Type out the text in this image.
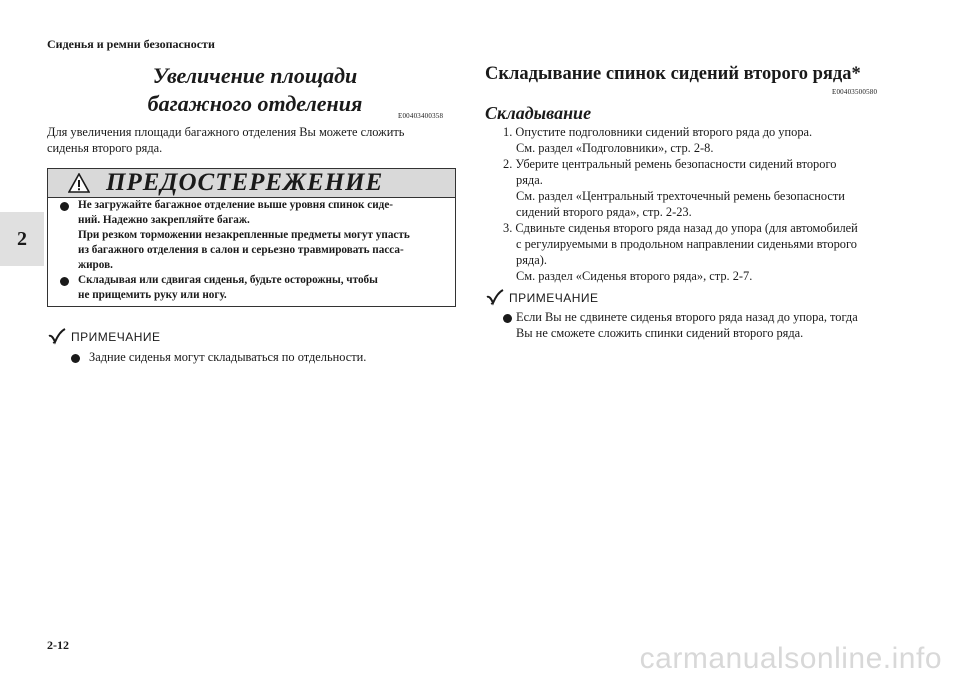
Сиденья и ремни безопасности
2
Увеличение площади
багажного отделения	E00403400358
Для увеличения площади багажного отделения Вы можете сложить
сиденья второго ряда.
ПРЕДОСТЕРЕЖЕНИЕ
Не загружайте багажное отделение выше уровня спинок сиде-
ний. Надежно закрепляйте багаж.
При резком торможении незакрепленные предметы могут упасть
из багажного отделения в салон и серьезно травмировать пасса-
жиров.
Складывая или сдвигая сиденья, будьте осторожны, чтобы
не прищемить руку или ногу.
ПРИМЕЧАНИЕ
Задние сиденья могут складываться по отдельности.
Складывание спинок сидений второго ряда*
E00403500580
Складывание
1. Опустите подголовники сидений второго ряда до упора.
См. раздел «Подголовники», стр. 2-8.
2. Уберите центральный ремень безопасности сидений второго
ряда.
См. раздел «Центральный трехточечный ремень безопасности
сидений второго ряда», стр. 2-23.
3. Сдвиньте сиденья второго ряда назад до упора (для автомобилей
с регулируемыми в продольном направлении сиденьями второго
ряда).
См. раздел «Сиденья второго ряда», стр. 2-7.
ПРИМЕЧАНИЕ
Если Вы не сдвинете сиденья второго ряда назад до упора, тогда
Вы не сможете сложить спинки сидений второго ряда.
2-12	carmanualsonline.info
